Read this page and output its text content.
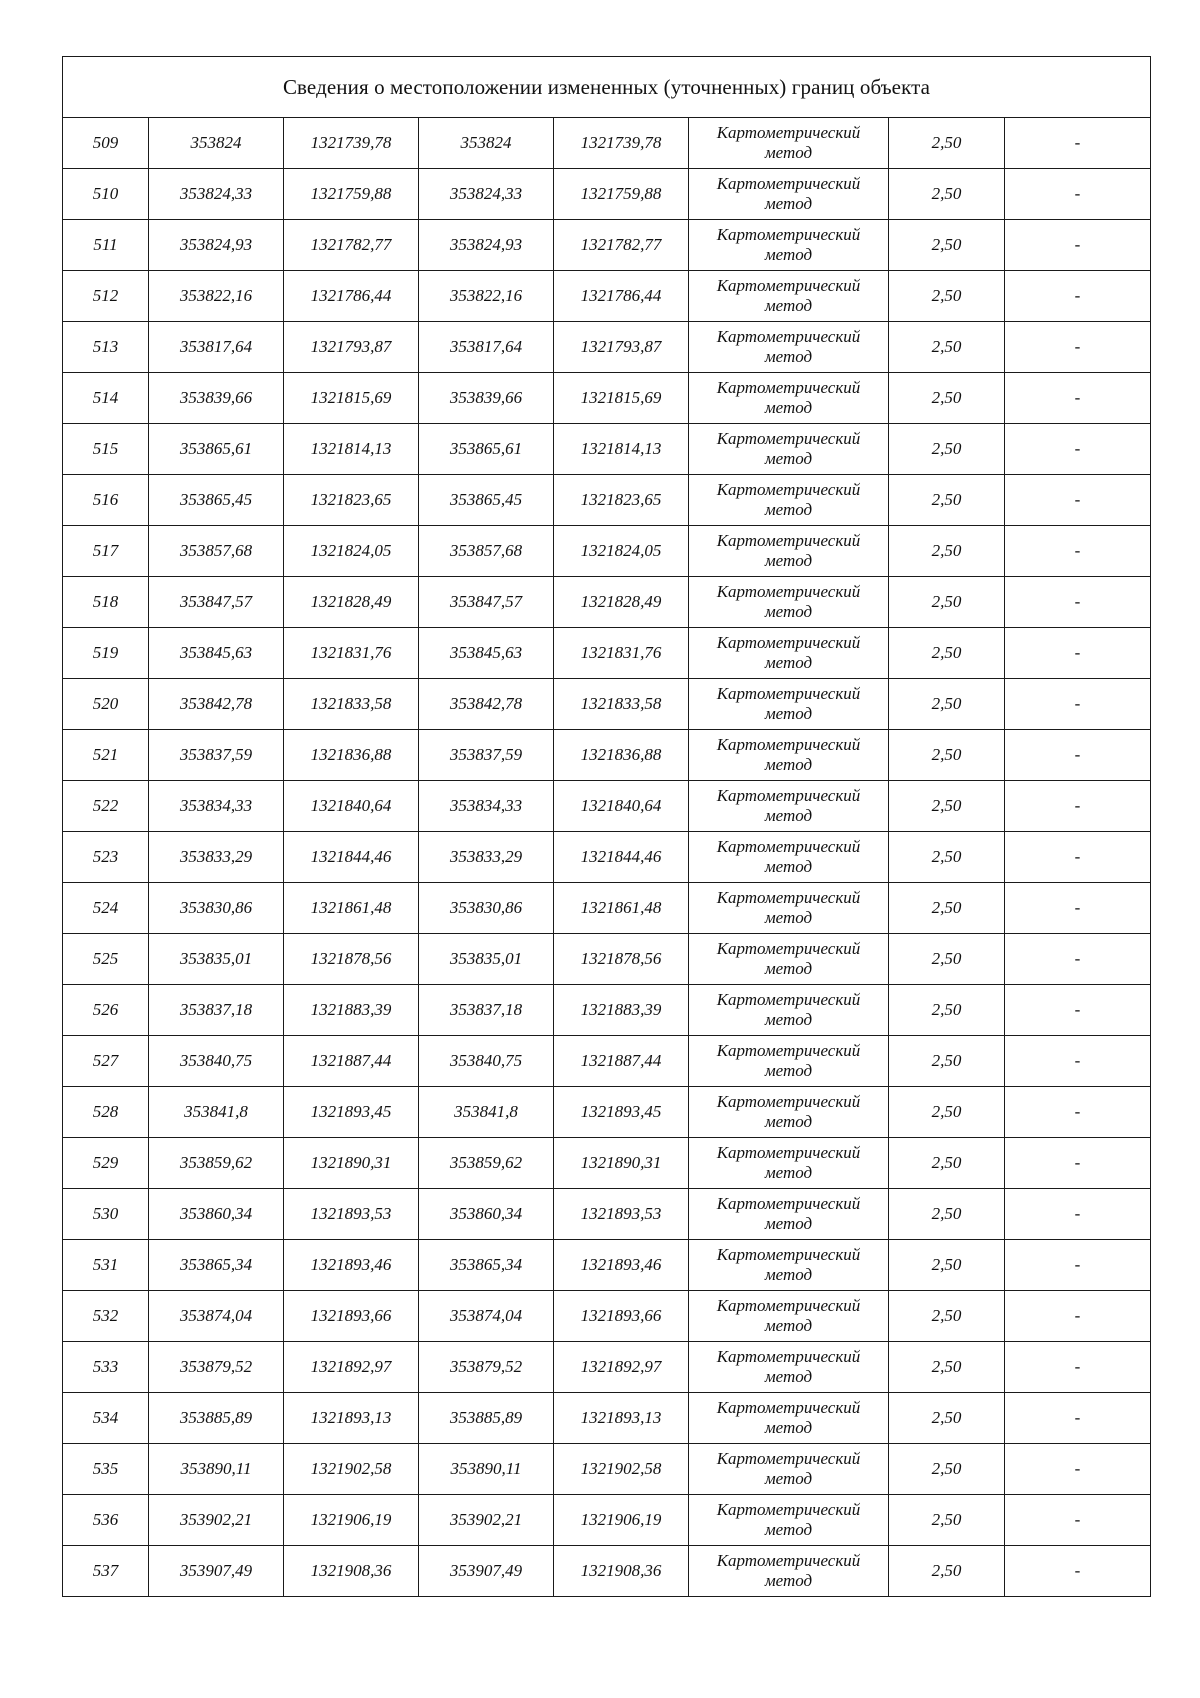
Сведения о местоположении измененных (уточненных) границ объекта							
509	353824	1321739,78	353824	1321739,78	Картометрический
метод	2,50	-
510	353824,33	1321759,88	353824,33	1321759,88	Картометрический
метод	2,50	-
511	353824,93	1321782,77	353824,93	1321782,77	Картометрический
метод	2,50	-
512	353822,16	1321786,44	353822,16	1321786,44	Картометрический
метод	2,50	-
513	353817,64	1321793,87	353817,64	1321793,87	Картометрический
метод	2,50	-
514	353839,66	1321815,69	353839,66	1321815,69	Картометрический
метод	2,50	-
515	353865,61	1321814,13	353865,61	1321814,13	Картометрический
метод	2,50	-
516	353865,45	1321823,65	353865,45	1321823,65	Картометрический
метод	2,50	-
517	353857,68	1321824,05	353857,68	1321824,05	Картометрический
метод	2,50	-
518	353847,57	1321828,49	353847,57	1321828,49	Картометрический
метод	2,50	-
519	353845,63	1321831,76	353845,63	1321831,76	Картометрический
метод	2,50	-
520	353842,78	1321833,58	353842,78	1321833,58	Картометрический
метод	2,50	-
521	353837,59	1321836,88	353837,59	1321836,88	Картометрический
метод	2,50	-
522	353834,33	1321840,64	353834,33	1321840,64	Картометрический
метод	2,50	-
523	353833,29	1321844,46	353833,29	1321844,46	Картометрический
метод	2,50	-
524	353830,86	1321861,48	353830,86	1321861,48	Картометрический
метод	2,50	-
525	353835,01	1321878,56	353835,01	1321878,56	Картометрический
метод	2,50	-
526	353837,18	1321883,39	353837,18	1321883,39	Картометрический
метод	2,50	-
527	353840,75	1321887,44	353840,75	1321887,44	Картометрический
метод	2,50	-
528	353841,8	1321893,45	353841,8	1321893,45	Картометрический
метод	2,50	-
529	353859,62	1321890,31	353859,62	1321890,31	Картометрический
метод	2,50	-
530	353860,34	1321893,53	353860,34	1321893,53	Картометрический
метод	2,50	-
531	353865,34	1321893,46	353865,34	1321893,46	Картометрический
метод	2,50	-
532	353874,04	1321893,66	353874,04	1321893,66	Картометрический
метод	2,50	-
533	353879,52	1321892,97	353879,52	1321892,97	Картометрический
метод	2,50	-
534	353885,89	1321893,13	353885,89	1321893,13	Картометрический
метод	2,50	-
535	353890,11	1321902,58	353890,11	1321902,58	Картометрический
метод	2,50	-
536	353902,21	1321906,19	353902,21	1321906,19	Картометрический
метод	2,50	-
537	353907,49	1321908,36	353907,49	1321908,36	Картометрический
метод	2,50	-
